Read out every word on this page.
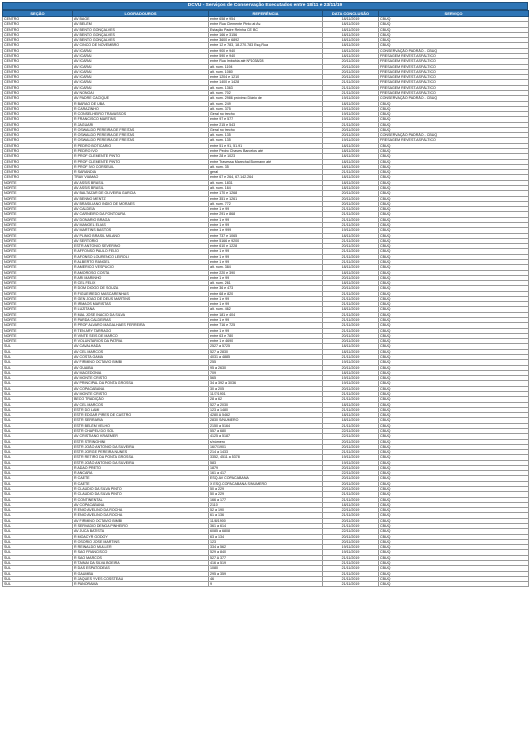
DCVU - Serviços de Conservação Executados entre 18/11 e 23/11/19
SEÇÃO	LOGRADOUROS	REFERÊNCIA	DATA CONCLUSÃO	SERVIÇO
CENTRO	AV BAGE	entre 658 e 954	18/11/2019	CBUQ
CENTRO	AV BELÉM	entre Rua Clemente Pinto at Av.	18/11/2019	CBUQ
CENTRO	AV BENTO GONÇALVES	Estação Padre Reinha CE BC	18/11/2019	CBUQ
CENTRO	AV BENTO GONÇALVES	entre 166 e 3156	18/11/2019	CBUQ
CENTRO	AV BENTO GONÇALVES	entre 3600 e 6892	18/11/2019	CBUQ
CENTRO	AV CINCO DE NOVEMBRO	entre 12 e 783, 18.270.783 Esq.Rua	18/11/2019	CBUQ
CENTRO	AV ICARAI	entre 900 e 940	18/11/2019	CONSERVAÇÃO PADRÃO - CBUQ
CENTRO	AV ICARAI	entre 590 e 940	18/11/2019	FRESAGEM REVEST.ASFÁLTICO
CENTRO	AV ICARAI	entre Rua Imbahia até Nº1038/28	20/11/2019	FRESAGEM REVEST.ASFÁLTICO
CENTRO	AV ICARAI	alt. num. 1194	20/11/2019	FRESAGEM REVEST.ASFÁLTICO
CENTRO	AV ICARAI	alt. num. 1080	20/11/2019	FRESAGEM REVEST.ASFÁLTICO
CENTRO	AV ICARAI	entre 1204 e 1210	20/11/2019	FRESAGEM REVEST.ASFÁLTICO
CENTRO	AV ICARAI	entre 1400 e 1428	21/11/2019	FRESAGEM REVEST.ASFÁLTICO
CENTRO	AV ICARAI	alt. num. 1363	21/11/2019	FRESAGEM REVEST.ASFÁLTICO
CENTRO	AV NONOAI	alt. num. 702	21/11/2019	FRESAGEM REVEST.ASFÁLTICO
CENTRO	AV PADRE CACIQUE	alt. num. 2986 próximo Diário de	19/11/2019	CONSERVAÇÃO PADRÃO - CBUQ
CENTRO	R BARAO DE UBA	alt. num. 249	18/11/2019	CBUQ
CENTRO	R CARAZINHO	alt. num. 375	19/11/2019	CBUQ
CENTRO	R CONSELHEIRO TRAVASSOS	Geral no trecho	19/11/2019	CBUQ
CENTRO	R FRANCISCO MARTINS	entre 97 e 577	19/11/2019	CBUQ
CENTRO	R JAGUARI	entre 215 e 543	21/11/2019	CBUQ
CENTRO	R OSWALDO PEREIRA DE FREITAS	Geral no trecho	20/11/2019	CBUQ
CENTRO	R OSWALDO PEREIRA DE FREITAS	alt. num. 135	20/11/2019	CONSERVAÇÃO PADRÃO - CBUQ
CENTRO	R OSWALDO PEREIRA DE FREITAS	alt. num. 135	19/11/2019	FRESAGEM REVEST.ASFÁLTICO
CENTRO	R PEDRO BOTICARIO	entre 51 e 91, 51.91	18/11/2019	CBUQ
CENTRO	R PEDRO IVO	entre Pedro Chaves Barcelos até	18/11/2019	CBUQ
CENTRO	R PROF CLEMENTE PINTO	entre 28 e 1023	18/11/2019	CBUQ
CENTRO	R PROF CLEMENTE PINTO	entre Travessa Marechal Bormann até	18/11/2019	CBUQ
CENTRO	R PROF IVO CORSEUIL	alt. num. 35	18/11/2019	CBUQ
CENTRO	R SARANDIA	geral	21/11/2019	CBUQ
CENTRO	TRAV VIAMAO	entre 67 e 264, 67.142.264	18/11/2019	CBUQ
NORTE	AV ASSIS BRASIL	alt. num. 1831	18/11/2019	CBUQ
NORTE	AV ASSIS BRASIL	alt. num. 164	18/11/2019	CBUQ
NORTE	AV BALTAZAR DE OLIVEIRA GARCIA	entre 170 e 1268	20/11/2019	CBUQ
NORTE	AV BENNO MENTZ	entre 351 e 1261	20/11/2019	CBUQ
NORTE	AV BRASILIANO INDIO DE MORAES	alt. num. 772	20/11/2019	CBUQ
NORTE	AV CALDEIA	entre 1 e 99	21/11/2019	CBUQ
NORTE	AV CARNEIRO DA FONTOURA	entre 291 e 868	21/11/2019	CBUQ
NORTE	AV DONARIO BRAGA	entre 1 e 99	21/11/2019	CBUQ
NORTE	AV MANOEL ELIAS	entre 1 e 99	21/11/2019	CBUQ
NORTE	AV MARTINS BASTOS	entre 1 e 999	19/11/2019	CBUQ
NORTE	AV PLINIO BRASIL MILANO	entre 737 e 1065	18/11/2019	CBUQ
NORTE	AV SERTORIO	entre 5166 e 9200	21/11/2019	CBUQ
NORTE	ESTR ANTONIO SEVERINO	entre 610 e 1228	20/11/2019	CBUQ
NORTE	R AFFONSO PAULO FEIJO	entre 1 e 99	21/11/2019	CBUQ
NORTE	R AFONSO LOURENCO LEIROLI	entre 1 e 99	21/11/2019	CBUQ
NORTE	R ALBERTO RANGEL	entre 1 e 99	21/11/2019	CBUQ
NORTE	R AMERICO VESPUCIO	alt. num. 384	18/11/2019	CBUQ
NORTE	R AMOROSO COSTA	entre 220 e 390	18/11/2019	CBUQ
NORTE	R ARI MARINHO	entre 1 e 99	20/11/2019	CBUQ
NORTE	R CEL FELIX	alt. num. 261	18/11/2019	CBUQ
NORTE	R DOM DIOGO DE SOUZA	entre 36 e 473	20/11/2019	CBUQ
NORTE	R FIGUEIREDO MASCARENHAS	entre 68 e 820	21/11/2019	CBUQ
NORTE	R GEN JOAO DE DEUS MARTINS	entre 1 e 99	21/11/2019	CBUQ
NORTE	R IRMAOS MARISTAS	entre 1 e 99	21/11/2019	CBUQ
NORTE	R LUZITANA	alt. num. 462	18/11/2019	CBUQ
NORTE	R MAL JOSE INACIO DA SILVA	entre 181 e 404	21/11/2019	CBUQ
NORTE	R PARDA CALDEIRAS	entre 1 e 99	21/11/2019	CBUQ
NORTE	R PROF ALVARO MAGALHAES FERREIRA	entre 716 e 725	21/11/2019	CBUQ
NORTE	R TEN ARY TARRAGO	entre 1 e 99	21/11/2019	CBUQ
NORTE	R VINTE SEIS DE MARCO	entre 63 e 780	20/11/2019	CBUQ
NORTE	R VOLUNTARIOS DA PATRIA	entre 1 e 4690	20/11/2019	CBUQ
SUL	AV CAVALHADA	2527 a 5725	18/11/2019	CBUQ
SUL	AV CEL MARCOS	527 a 2830	18/11/2019	CBUQ
SUL	AV COSTA GAMA	4031 a 4885	21/11/2019	CBUQ
SUL	AV FIRMINO OCTAVIO BIMBI	255	19/11/2019	CBUQ
SUL	AV GUAIBA	95 a 2630	20/11/2019	CBUQ
SUL	AV MACEDONIA	709	18/11/2019	CBUQ
SUL	AV MONTE CRISTO	565	19/11/2019	CBUQ
SUL	AV PRINCIPAL DA PONTA GROSSA	34 a 392 a 3036	19/11/2019	CBUQ
SUL	AV COPACABANA	30 a 205	20/11/2019	CBUQ
SUL	AV MONTE CRISTO	11/7/1901	21/11/2019	CBUQ
SUL	BECO TRADIÇÃO	28 a 62	21/11/2019	CBUQ
SUL	AV CEL MARCOS	527 a 2030	18/11/2019	CBUQ
SUL	ESTR DO LAMI	123 a 1480	21/11/2019	CBUQ
SUL	ESTR EDGAR PIRES DE CASTRO	4280 A 5462	18/11/2019	CBUQ
SUL	ESTR SERRARIA	2830 S/NUMERO	18/11/2019	CBUQ
SUL	ESTR BELÉM VELHO	2150 a 5164	21/11/2019	CBUQ
SUL	ESTR CHAPEU DO SOL	557 a 680	22/11/2019	CBUQ
SUL	AV CRISTIANO KRAEMER	4125 a 5187	22/11/2019	CBUQ
SUL	ESTR STRINGHINI	s/número	20/11/2019	CBUQ
SUL	ESTR JOÃO ANTONIO DA SILVEIRA	16/7/1901	20/11/2019	CBUQ
SUL	ESTR JORGE PEREIRA NUNES	214 a 1433	21/11/2019	CBUQ
SUL	ESTR RETIRO DA PONTA GROSSA	3352, 4511 a 5378	19/11/2019	CBUQ
SUL	ESTR JOÃO ANTONIO DA SILVEIRA	583	19/11/2019	CBUQ
SUL	R ADAO PRETO	1879	20/11/2019	CBUQ
SUL	R ANCARA	161 a 417	22/11/2019	CBUQ
SUL	R CAETE	ESQ.AV COPACABANA	20/11/2019	CBUQ
SUL	R CAETE	X ESQ.COPACABANA S/NUMERO	20/11/2019	CBUQ
SUL	R CLAUDIO DA SILVA PINTO	50 a 229	20/11/2019	CBUQ
SUL	R CLAUDIO DA SILVA PINTO	50 a 229	21/11/2019	CBUQ
SUL	R CONTINENTAL	166 a 177	21/11/2019	CBUQ
SUL	AV COPACABANA	2110	18/11/2019	CBUQ
SUL	R ENIO AVELINO DA ROCHA	52 a 190	22/11/2019	CBUQ
SUL	R ENIO AVELINO DA ROCHA	61 a 136	21/11/2019	CBUQ
SUL	AV FIRMINO OCTAVIO BIMBI	11/8/1900	20/11/2019	CBUQ
SUL	R SERVADIO DENGA PINHEIRO	361 a 614	21/11/2019	CBUQ
SUL	AV JUCA BATISTA	6085 a 6808	22/11/2019	CBUQ
SUL	R MOACYR GODOY	63 a 134	20/11/2019	CBUQ
SUL	R OSORIO JOSE MARTINS	123	20/11/2019	CBUQ
SUL	R REINALDO MULLER	334 a 562	19/11/2019	CBUQ
SUL	R SAO FRANCISCO	529 a 840	19/11/2019	CBUQ
SUL	R SAO MARCOS	527 A 377	21/11/2019	CBUQ
SUL	R TAINAI DA SILVA BOEIRA	416 a 519	21/11/2019	CBUQ
SUL	R DAS ESPATODEAS	1080	21/11/2019	CBUQ
SUL	R GAUMBA	295 a 359	21/11/2019	CBUQ
SUL	R JAQUES YVES COSSTEAU	46	21/11/2019	CBUQ
SUL	R PANORAMA	9	21/11/2019	CBUQ
